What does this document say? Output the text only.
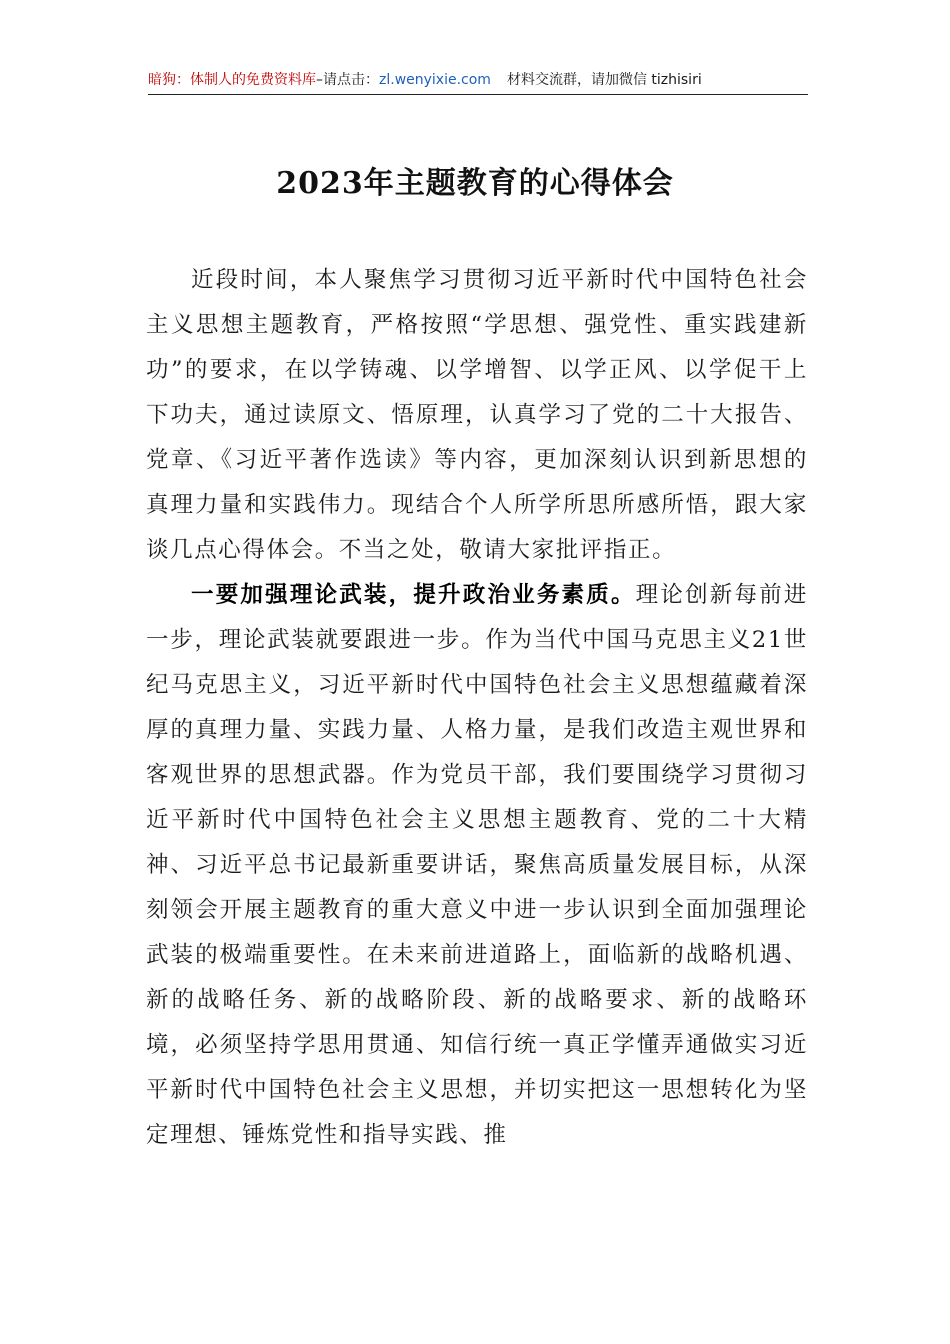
暗狗：体制人的免费资料库–请点击：zl.wenyixie.com 材料交流群，请加微信 tizhisiri
2023年主题教育的心得体会

近段时间，本人聚焦学习贯彻习近平新时代中国特色社会主义思想主题教育，严格按照“学思想、强党性、重实践建新功”的要求，在以学铸魂、以学增智、以学正风、以学促干上下功夫，通过读原文、悟原理，认真学习了党的二十大报告、党章、《习近平著作选读》等内容，更加深刻认识到新思想的真理力量和实践伟力。现结合个人所学所思所感所悟，跟大家谈几点心得体会。不当之处，敬请大家批评指正。

一要加强理论武装，提升政治业务素质。理论创新每前进一步，理论武装就要跟进一步。作为当代中国马克思主义21世纪马克思主义，习近平新时代中国特色社会主义思想蕴藏着深厚的真理力量、实践力量、人格力量，是我们改造主观世界和客观世界的思想武器。作为党员干部，我们要围绕学习贯彻习近平新时代中国特色社会主义思想主题教育、党的二十大精神、习近平总书记最新重要讲话，聚焦高质量发展目标，从深刻领会开展主题教育的重大意义中进一步认识到全面加强理论武装的极端重要性。在未来前进道路上，面临新的战略机遇、新的战略任务、新的战略阶段、新的战略要求、新的战略环境，必须坚持学思用贯通、知信行统一真正学懂弄通做实习近平新时代中国特色社会主义思想，并切实把这一思想转化为坚定理想、锤炼党性和指导实践、推
